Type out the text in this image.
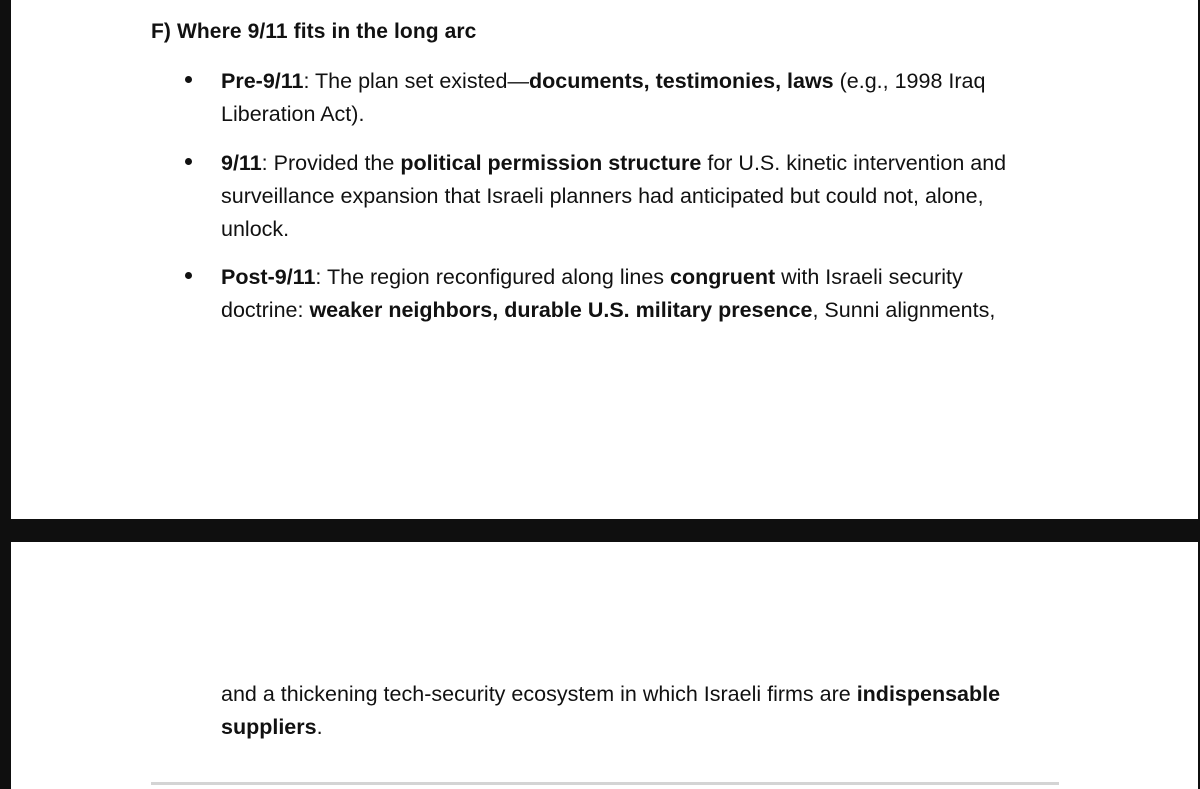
F) Where 9/11 fits in the long arc

Pre-9/11: The plan set existed—documents, testimonies, laws (e.g., 1998 Iraq Liberation Act).

9/11: Provided the political permission structure for U.S. kinetic intervention and surveillance expansion that Israeli planners had anticipated but could not, alone, unlock.

Post-9/11: The region reconfigured along lines congruent with Israeli security doctrine: weaker neighbors, durable U.S. military presence, Sunni alignments,

and a thickening tech-security ecosystem in which Israeli firms are indispensable suppliers.
